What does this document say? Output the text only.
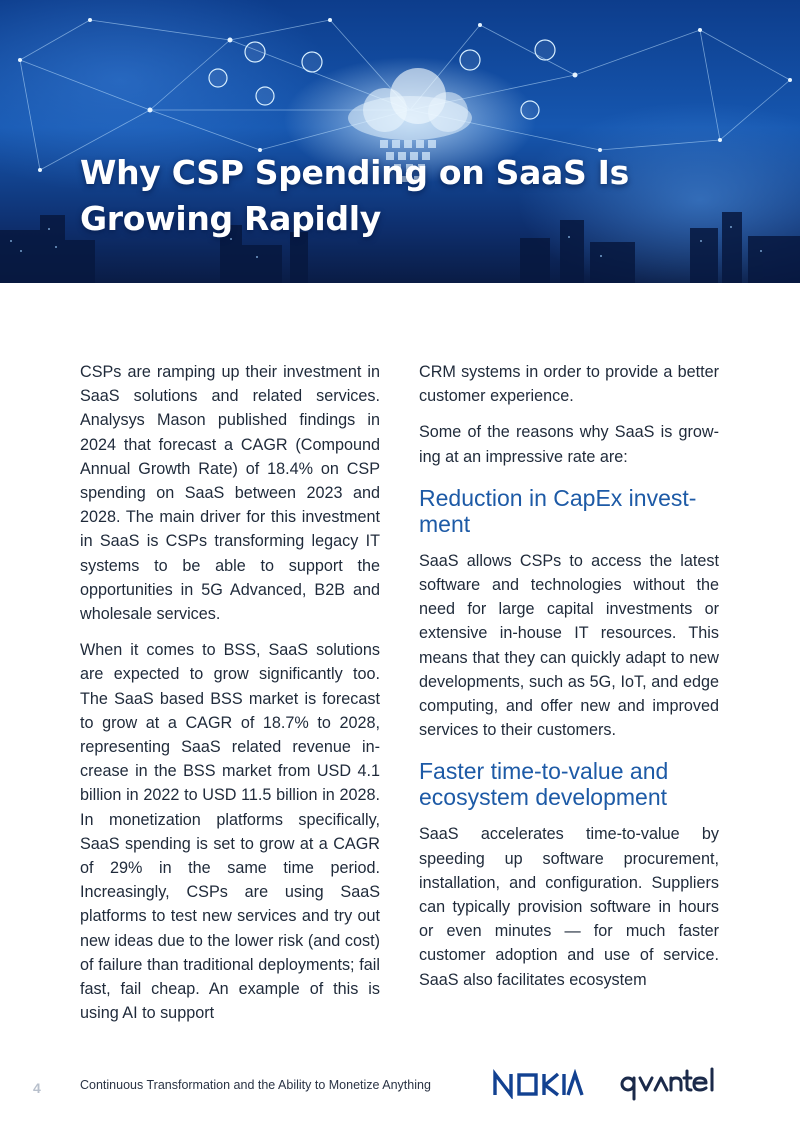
Why CSP Spending on SaaS Is Growing Rapidly

CSPs are ramping up their investment in SaaS solutions and related services. Analysys Mason published findings in 2024 that forecast a CAGR (Compound Annual Growth Rate) of 18.4% on CSP spending on SaaS between 2023 and 2028. The main driver for this investment in SaaS is CSPs transforming legacy IT systems to be able to support the opportunities in 5G Advanced, B2B and wholesale services.

When it comes to BSS, SaaS solutions are expected to grow significantly too. The SaaS based BSS market is forecast to grow at a CAGR of 18.7% to 2028, representing SaaS related revenue increase in the BSS market from USD 4.1 billion in 2022 to USD 11.5 billion in 2028. In monetization platforms specifically, SaaS spending is set to grow at a CAGR of 29% in the same time period. Increasingly, CSPs are using SaaS platforms to test new services and try out new ideas due to the lower risk (and cost) of failure than traditional deployments; fail fast, fail cheap. An example of this is using AI to support

CRM systems in order to provide a better customer experience.

Some of the reasons why SaaS is growing at an impressive rate are:

Reduction in CapEx investment

SaaS allows CSPs to access the latest software and technologies without the need for large capital investments or extensive in-house IT resources. This means that they can quickly adapt to new developments, such as 5G, IoT, and edge computing, and offer new and improved services to their customers.

Faster time-to-value and ecosystem development

SaaS accelerates time-to-value by speeding up software procurement, installation, and configuration. Suppliers can typically provision software in hours or even minutes — for much faster customer adoption and use of service. SaaS also facilitates ecosystem

4	Continuous Transformation and the Ability to Monetize Anything
